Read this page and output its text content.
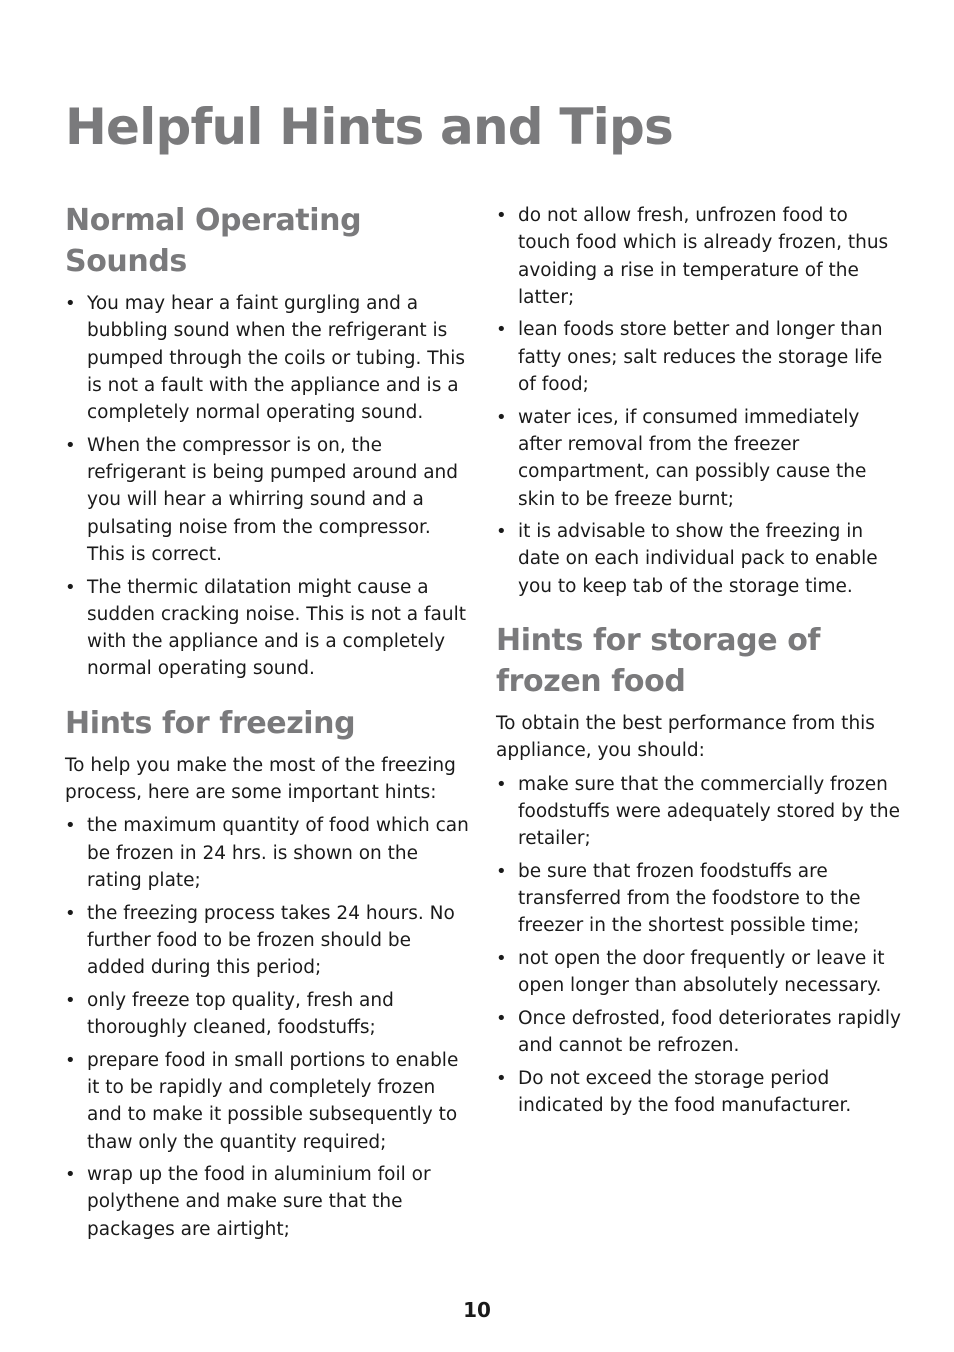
Helpful Hints and Tips
Normal Operating Sounds
• You may hear a faint gurgling and a bubbling sound when the refrigerant is pumped through the coils or tubing. This is not a fault with the appliance and is a completely normal operating sound.
• When the compressor is on, the refrigerant is being pumped around and you will hear a whirring sound and a pulsating noise from the compressor. This is correct.
• The thermic dilatation might cause a sudden cracking noise. This is not a fault with the appliance and is a completely normal operating sound.
Hints for freezing

To help you make the most of the freezing process, here are some important hints:

• the maximum quantity of food which can be frozen in 24 hrs. is shown on the rating plate;
• the freezing process takes 24 hours. No further food to be frozen should be added during this period;
• only freeze top quality, fresh and thoroughly cleaned, foodstuffs;
• prepare food in small portions to enable it to be rapidly and completely frozen and to make it possible subsequently to thaw only the quantity required;
• wrap up the food in aluminium foil or polythene and make sure that the packages are airtight;
• do not allow fresh, unfrozen food to touch food which is already frozen, thus avoiding a rise in temperature of the latter;
• lean foods store better and longer than fatty ones; salt reduces the storage life of food;
• water ices, if consumed immediately after removal from the freezer compartment, can possibly cause the skin to be freeze burnt;
• it is advisable to show the freezing in date on each individual pack to enable you to keep tab of the storage time.
Hints for storage of frozen food

To obtain the best performance from this appliance, you should:

• make sure that the commercially frozen foodstuffs were adequately stored by the retailer;
• be sure that frozen foodstuffs are transferred from the foodstore to the freezer in the shortest possible time;
• not open the door frequently or leave it open longer than absolutely necessary.
• Once defrosted, food deteriorates rapidly and cannot be refrozen.
• Do not exceed the storage period indicated by the food manufacturer.
10
